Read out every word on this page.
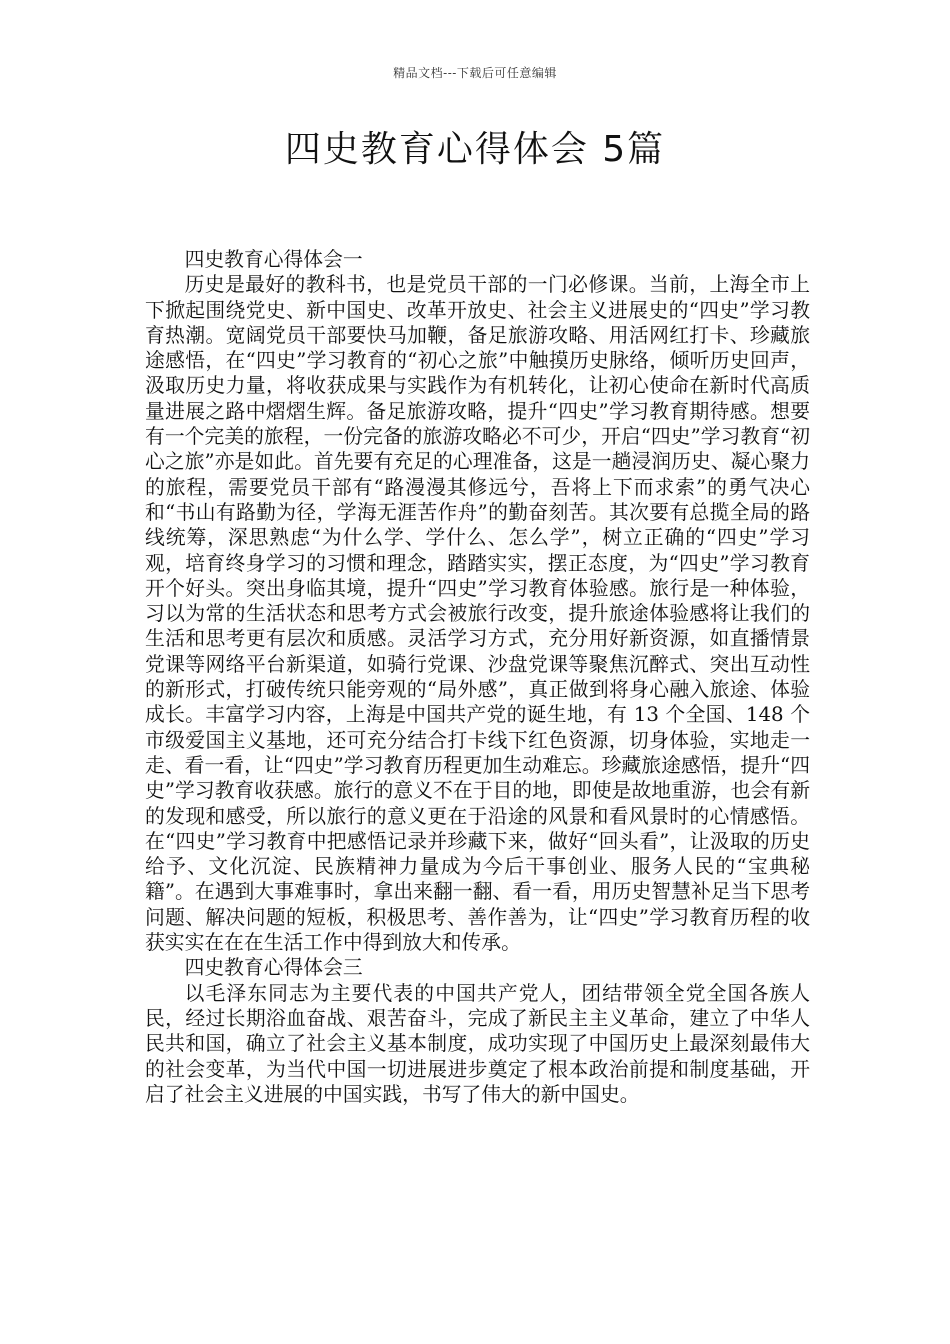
精品文档---下载后可任意编辑
四史教育心得体会 5篇

四史教育心得体会一

历史是最好的教科书，也是党员干部的一门必修课。当前，上海全市上下掀起围绕党史、新中国史、改革开放史、社会主义进展史的“四史”学习教育热潮。宽阔党员干部要快马加鞭，备足旅游攻略、用活网红打卡、珍藏旅途感悟，在“四史”学习教育的“初心之旅”中触摸历史脉络，倾听历史回声，汲取历史力量，将收获成果与实践作为有机转化，让初心使命在新时代高质量进展之路中熠熠生辉。备足旅游攻略，提升“四史”学习教育期待感。想要有一个完美的旅程，一份完备的旅游攻略必不可少，开启“四史”学习教育“初心之旅”亦是如此。首先要有充足的心理准备，这是一趟浸润历史、凝心聚力的旅程，需要党员干部有“路漫漫其修远兮，吾将上下而求索”的勇气决心和“书山有路勤为径，学海无涯苦作舟”的勤奋刻苦。其次要有总揽全局的路线统筹，深思熟虑“为什么学、学什么、怎么学”，树立正确的“四史”学习观，培育终身学习的习惯和理念，踏踏实实，摆正态度，为“四史”学习教育开个好头。突出身临其境，提升“四史”学习教育体验感。旅行是一种体验，习以为常的生活状态和思考方式会被旅行改变，提升旅途体验感将让我们的生活和思考更有层次和质感。灵活学习方式，充分用好新资源，如直播情景党课等网络平台新渠道，如骑行党课、沙盘党课等聚焦沉醉式、突出互动性的新形式，打破传统只能旁观的“局外感”，真正做到将身心融入旅途、体验成长。丰富学习内容，上海是中国共产党的诞生地，有 13 个全国、148 个市级爱国主义基地，还可充分结合打卡线下红色资源，切身体验，实地走一走、看一看，让“四史”学习教育历程更加生动难忘。珍藏旅途感悟，提升“四史”学习教育收获感。旅行的意义不在于目的地，即使是故地重游，也会有新的发现和感受，所以旅行的意义更在于沿途的风景和看风景时的心情感悟。在“四史”学习教育中把感悟记录并珍藏下来，做好“回头看”，让汲取的历史给予、文化沉淀、民族精神力量成为今后干事创业、服务人民的“宝典秘籍”。在遇到大事难事时，拿出来翻一翻、看一看，用历史智慧补足当下思考问题、解决问题的短板，积极思考、善作善为，让“四史”学习教育历程的收获实实在在在生活工作中得到放大和传承。

四史教育心得体会三

以毛泽东同志为主要代表的中国共产党人，团结带领全党全国各族人民，经过长期浴血奋战、艰苦奋斗，完成了新民主主义革命，建立了中华人民共和国，确立了社会主义基本制度，成功实现了中国历史上最深刻最伟大的社会变革，为当代中国一切进展进步奠定了根本政治前提和制度基础，开启了社会主义进展的中国实践，书写了伟大的新中国史。
